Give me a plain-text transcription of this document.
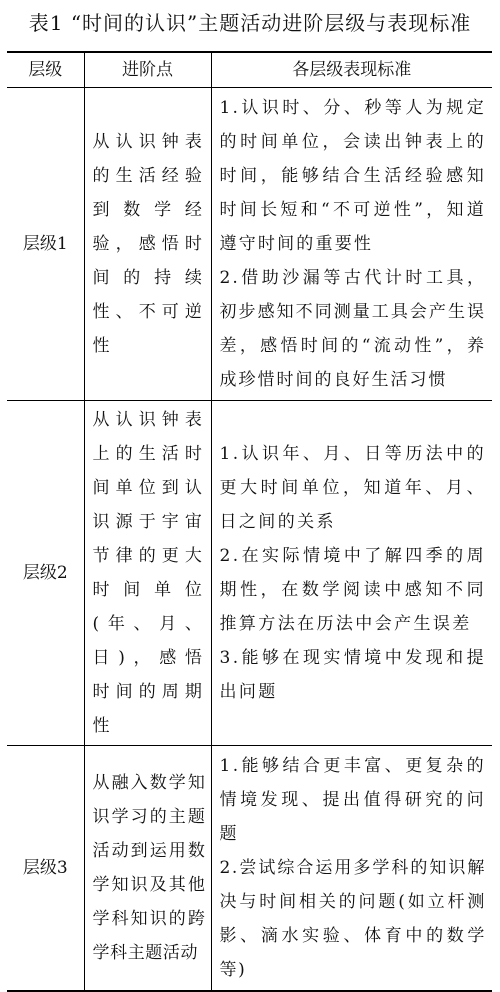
表1 “时间的认识”主题活动进阶层级与表现标准
层级	进阶点	各层级表现标准
层级1	从认识钟表的生活经验到数学经验，感悟时间的持续性、不可逆性	1.认识时、分、秒等人为规定的时间单位，会读出钟表上的时间，能够结合生活经验感知时间长短和“不可逆性”，知道遵守时间的重要性
2.借助沙漏等古代计时工具，初步感知不同测量工具会产生误差，感悟时间的“流动性”，养成珍惜时间的良好生活习惯

层级2	从认识钟表上的生活时间单位到认识源于宇宙节律的更大时间单位(年、月、日)，感悟时间的周期性	1.认识年、月、日等历法中的更大时间单位，知道年、月、日之间的关系
2.在实际情境中了解四季的周期性，在数学阅读中感知不同推算方法在历法中会产生误差
3.能够在现实情境中发现和提出问题

层级3	从融入数学知识学习的主题活动到运用数学知识及其他学科知识的跨学科主题活动	1.能够结合更丰富、更复杂的情境发现、提出值得研究的问题
2.尝试综合运用多学科的知识解决与时间相关的问题(如立杆测影、滴水实验、体育中的数学等)
